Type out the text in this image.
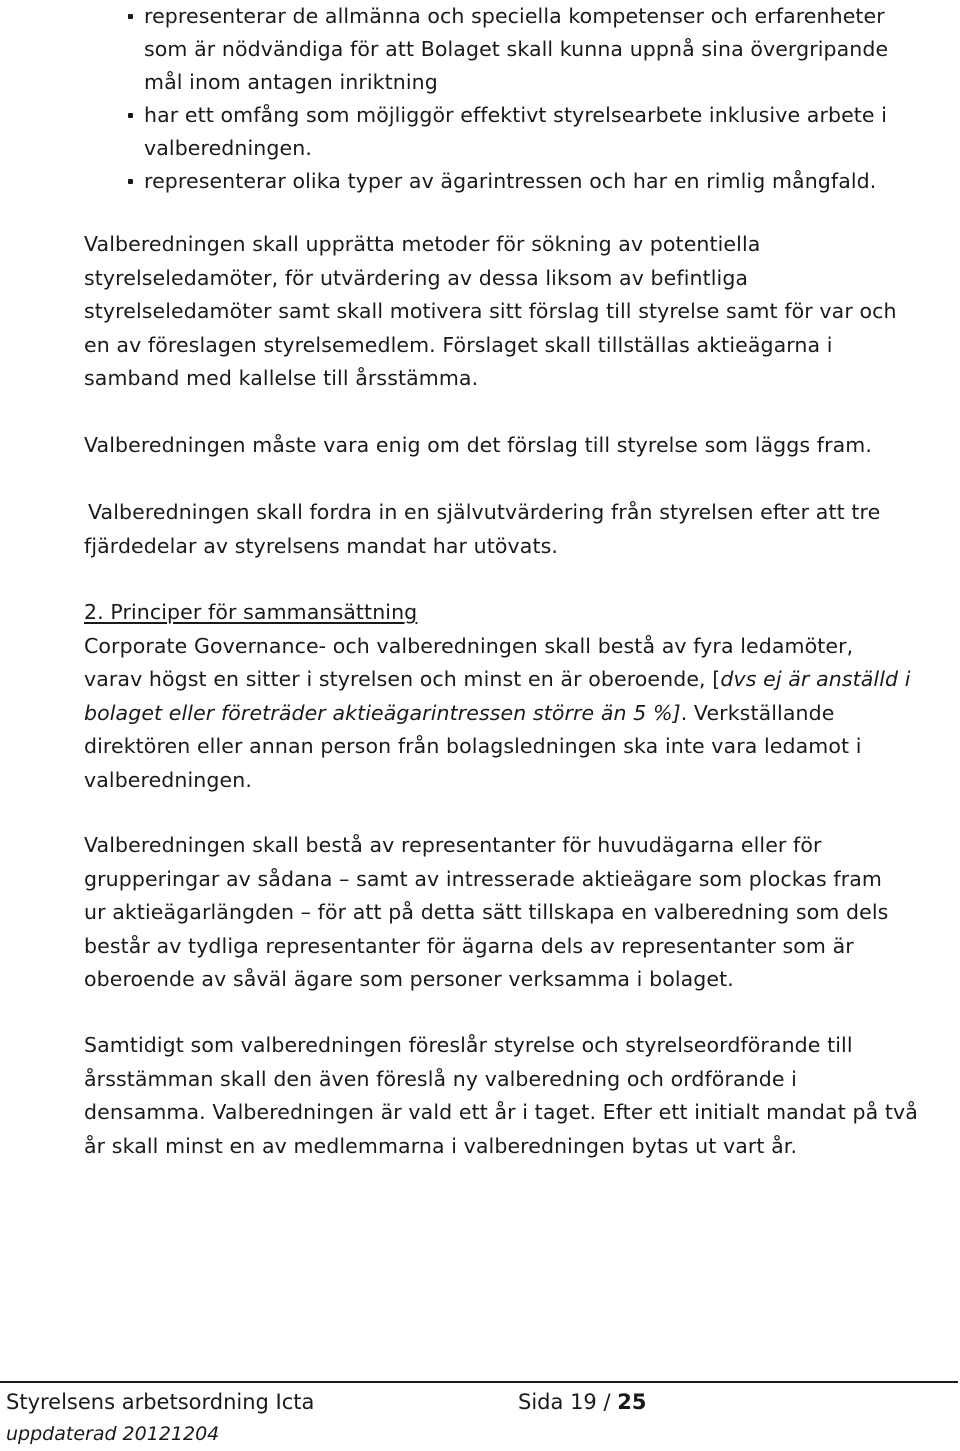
representerar de allmänna och speciella kompetenser och erfarenheter
som är nödvändiga för att Bolaget skall kunna uppnå sina övergripande
mål inom antagen inriktning
har ett omfång som möjliggör effektivt styrelsearbete inklusive arbete i
valberedningen.
representerar olika typer av ägarintressen och har en rimlig mångfald.

Valberedningen skall upprätta metoder för sökning av potentiella
styrelseledamöter, för utvärdering av dessa liksom av befintliga
styrelseledamöter samt skall motivera sitt förslag till styrelse samt för var och
en av föreslagen styrelsemedlem. Förslaget skall tillställas aktieägarna i
samband med kallelse till årsstämma.

Valberedningen måste vara enig om det förslag till styrelse som läggs fram.

Valberedningen skall fordra in en självutvärdering från styrelsen efter att tre
fjärdedelar av styrelsens mandat har utövats.

2. Principer för sammansättning
Corporate Governance- och valberedningen skall bestå av fyra ledamöter,
varav högst en sitter i styrelsen och minst en är oberoende, [dvs ej är anställd i
bolaget eller företräder aktieägarintressen större än 5 %]. Verkställande
direktören eller annan person från bolagsledningen ska inte vara ledamot i
valberedningen.

Valberedningen skall bestå av representanter för huvudägarna eller för
grupperingar av sådana – samt av intresserade aktieägare som plockas fram
ur aktieägarlängden – för att på detta sätt tillskapa en valberedning som dels
består av tydliga representanter för ägarna dels av representanter som är
oberoende av såväl ägare som personer verksamma i bolaget.

Samtidigt som valberedningen föreslår styrelse och styrelseordförande till
årsstämman skall den även föreslå ny valberedning och ordförande i
densamma. Valberedningen är vald ett år i taget. Efter ett initialt mandat på två
år skall minst en av medlemmarna i valberedningen bytas ut vart år.

Styrelsens arbetsordning Icta	Sida 19 / 25
uppdaterad 20121204
